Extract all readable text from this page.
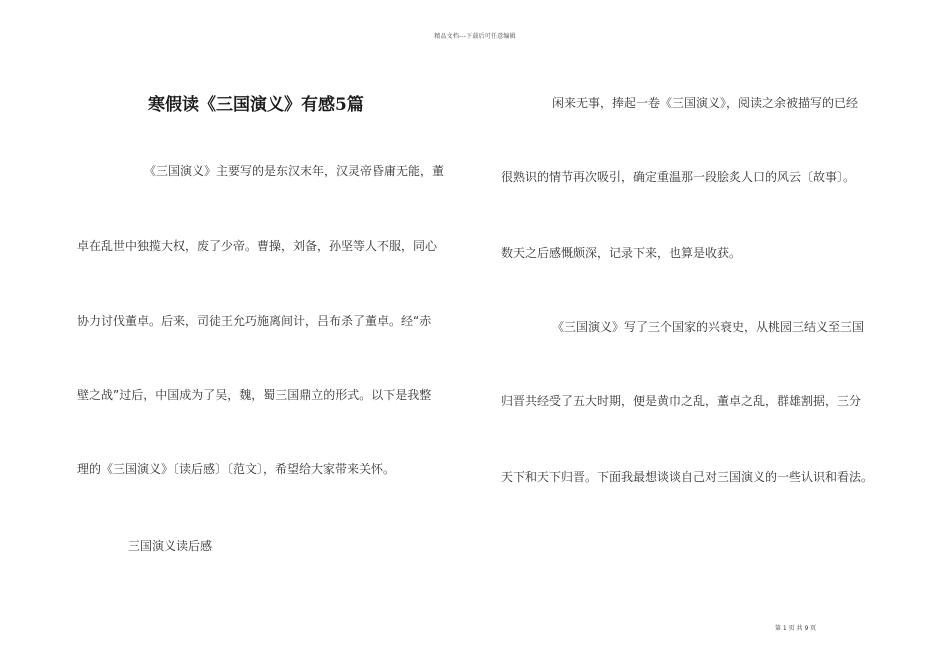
精品文档---下载后可任意编辑
寒假读《三国演义》有感5篇
《三国演义》主要写的是东汉末年，汉灵帝昏庸无能，董
卓在乱世中独揽大权，废了少帝。曹操，刘备，孙坚等人不服，同心
协力讨伐董卓。后来，司徒王允巧施离间计，吕布杀了董卓。经“赤
壁之战”过后，中国成为了吴，魏，蜀三国鼎立的形式。以下是我整
理的《三国演义》〔读后感〕〔范文〕，希望给大家带来关怀。
三国演义读后感
闲来无事，捧起一卷《三国演义》，阅读之余被描写的已经
很熟识的情节再次吸引，确定重温那一段脍炙人口的风云〔故事〕。
数天之后感慨颇深，记录下来，也算是收获。
《三国演义》写了三个国家的兴衰史，从桃园三结义至三国
归晋共经受了五大时期，便是黄巾之乱，董卓之乱，群雄割据，三分
天下和天下归晋。下面我最想谈谈自己对三国演义的一些认识和看法。
第 1 页 共 9 页
